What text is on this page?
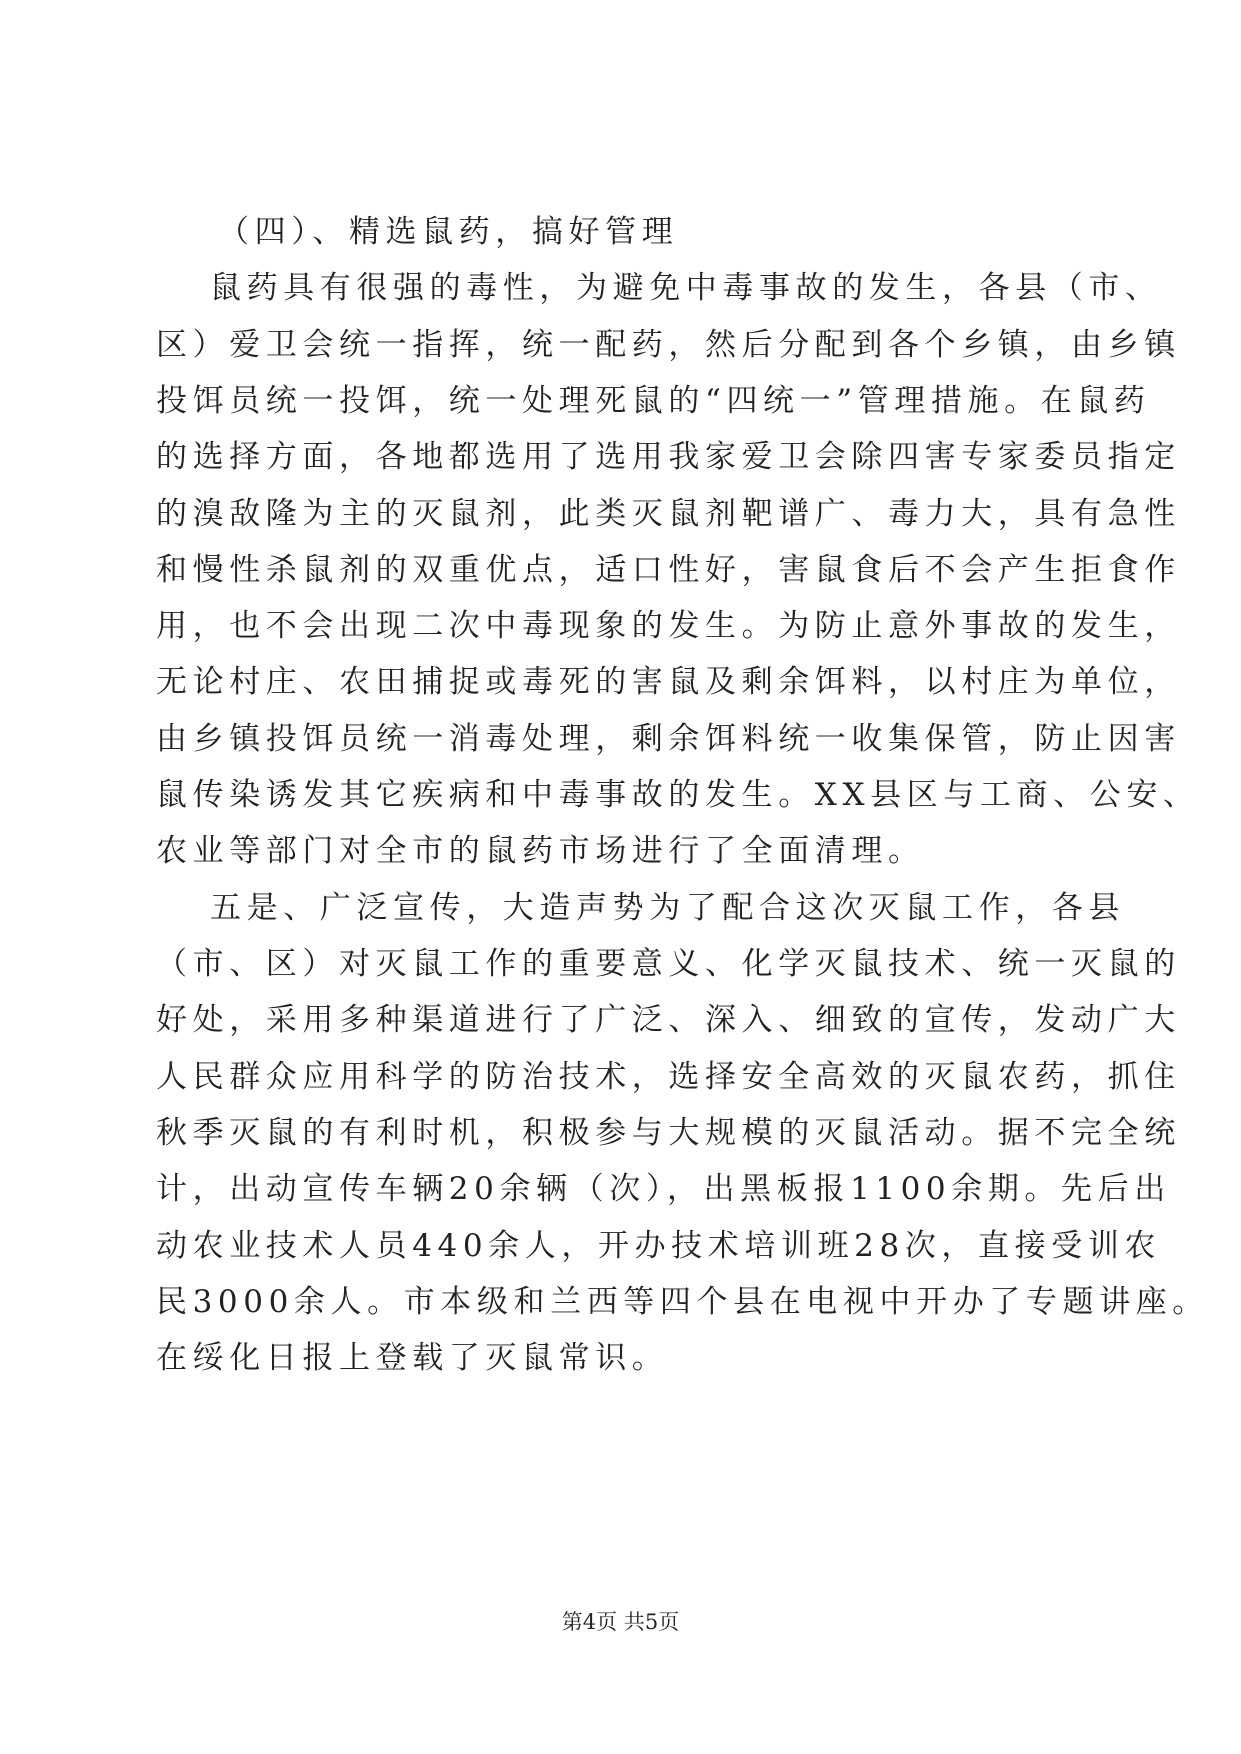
（四）、精选鼠药，搞好管理
鼠药具有很强的毒性，为避免中毒事故的发生，各县（市、
区）爱卫会统一指挥，统一配药，然后分配到各个乡镇，由乡镇
投饵员统一投饵，统一处理死鼠的“四统一”管理措施。在鼠药
的选择方面，各地都选用了选用我家爱卫会除四害专家委员指定
的溴敌隆为主的灭鼠剂，此类灭鼠剂靶谱广、毒力大，具有急性
和慢性杀鼠剂的双重优点，适口性好，害鼠食后不会产生拒食作
用，也不会出现二次中毒现象的发生。为防止意外事故的发生，
无论村庄、农田捕捉或毒死的害鼠及剩余饵料，以村庄为单位，
由乡镇投饵员统一消毒处理，剩余饵料统一收集保管，防止因害
鼠传染诱发其它疾病和中毒事故的发生。XX县区与工商、公安、
农业等部门对全市的鼠药市场进行了全面清理。
五是、广泛宣传，大造声势为了配合这次灭鼠工作，各县
（市、区）对灭鼠工作的重要意义、化学灭鼠技术、统一灭鼠的
好处，采用多种渠道进行了广泛、深入、细致的宣传，发动广大
人民群众应用科学的防治技术，选择安全高效的灭鼠农药，抓住
秋季灭鼠的有利时机，积极参与大规模的灭鼠活动。据不完全统
计，出动宣传车辆20余辆（次），出黑板报1100余期。先后出
动农业技术人员440余人，开办技术培训班28次，直接受训农
民3000余人。市本级和兰西等四个县在电视中开办了专题讲座。
在绥化日报上登载了灭鼠常识。
第4页 共5页
